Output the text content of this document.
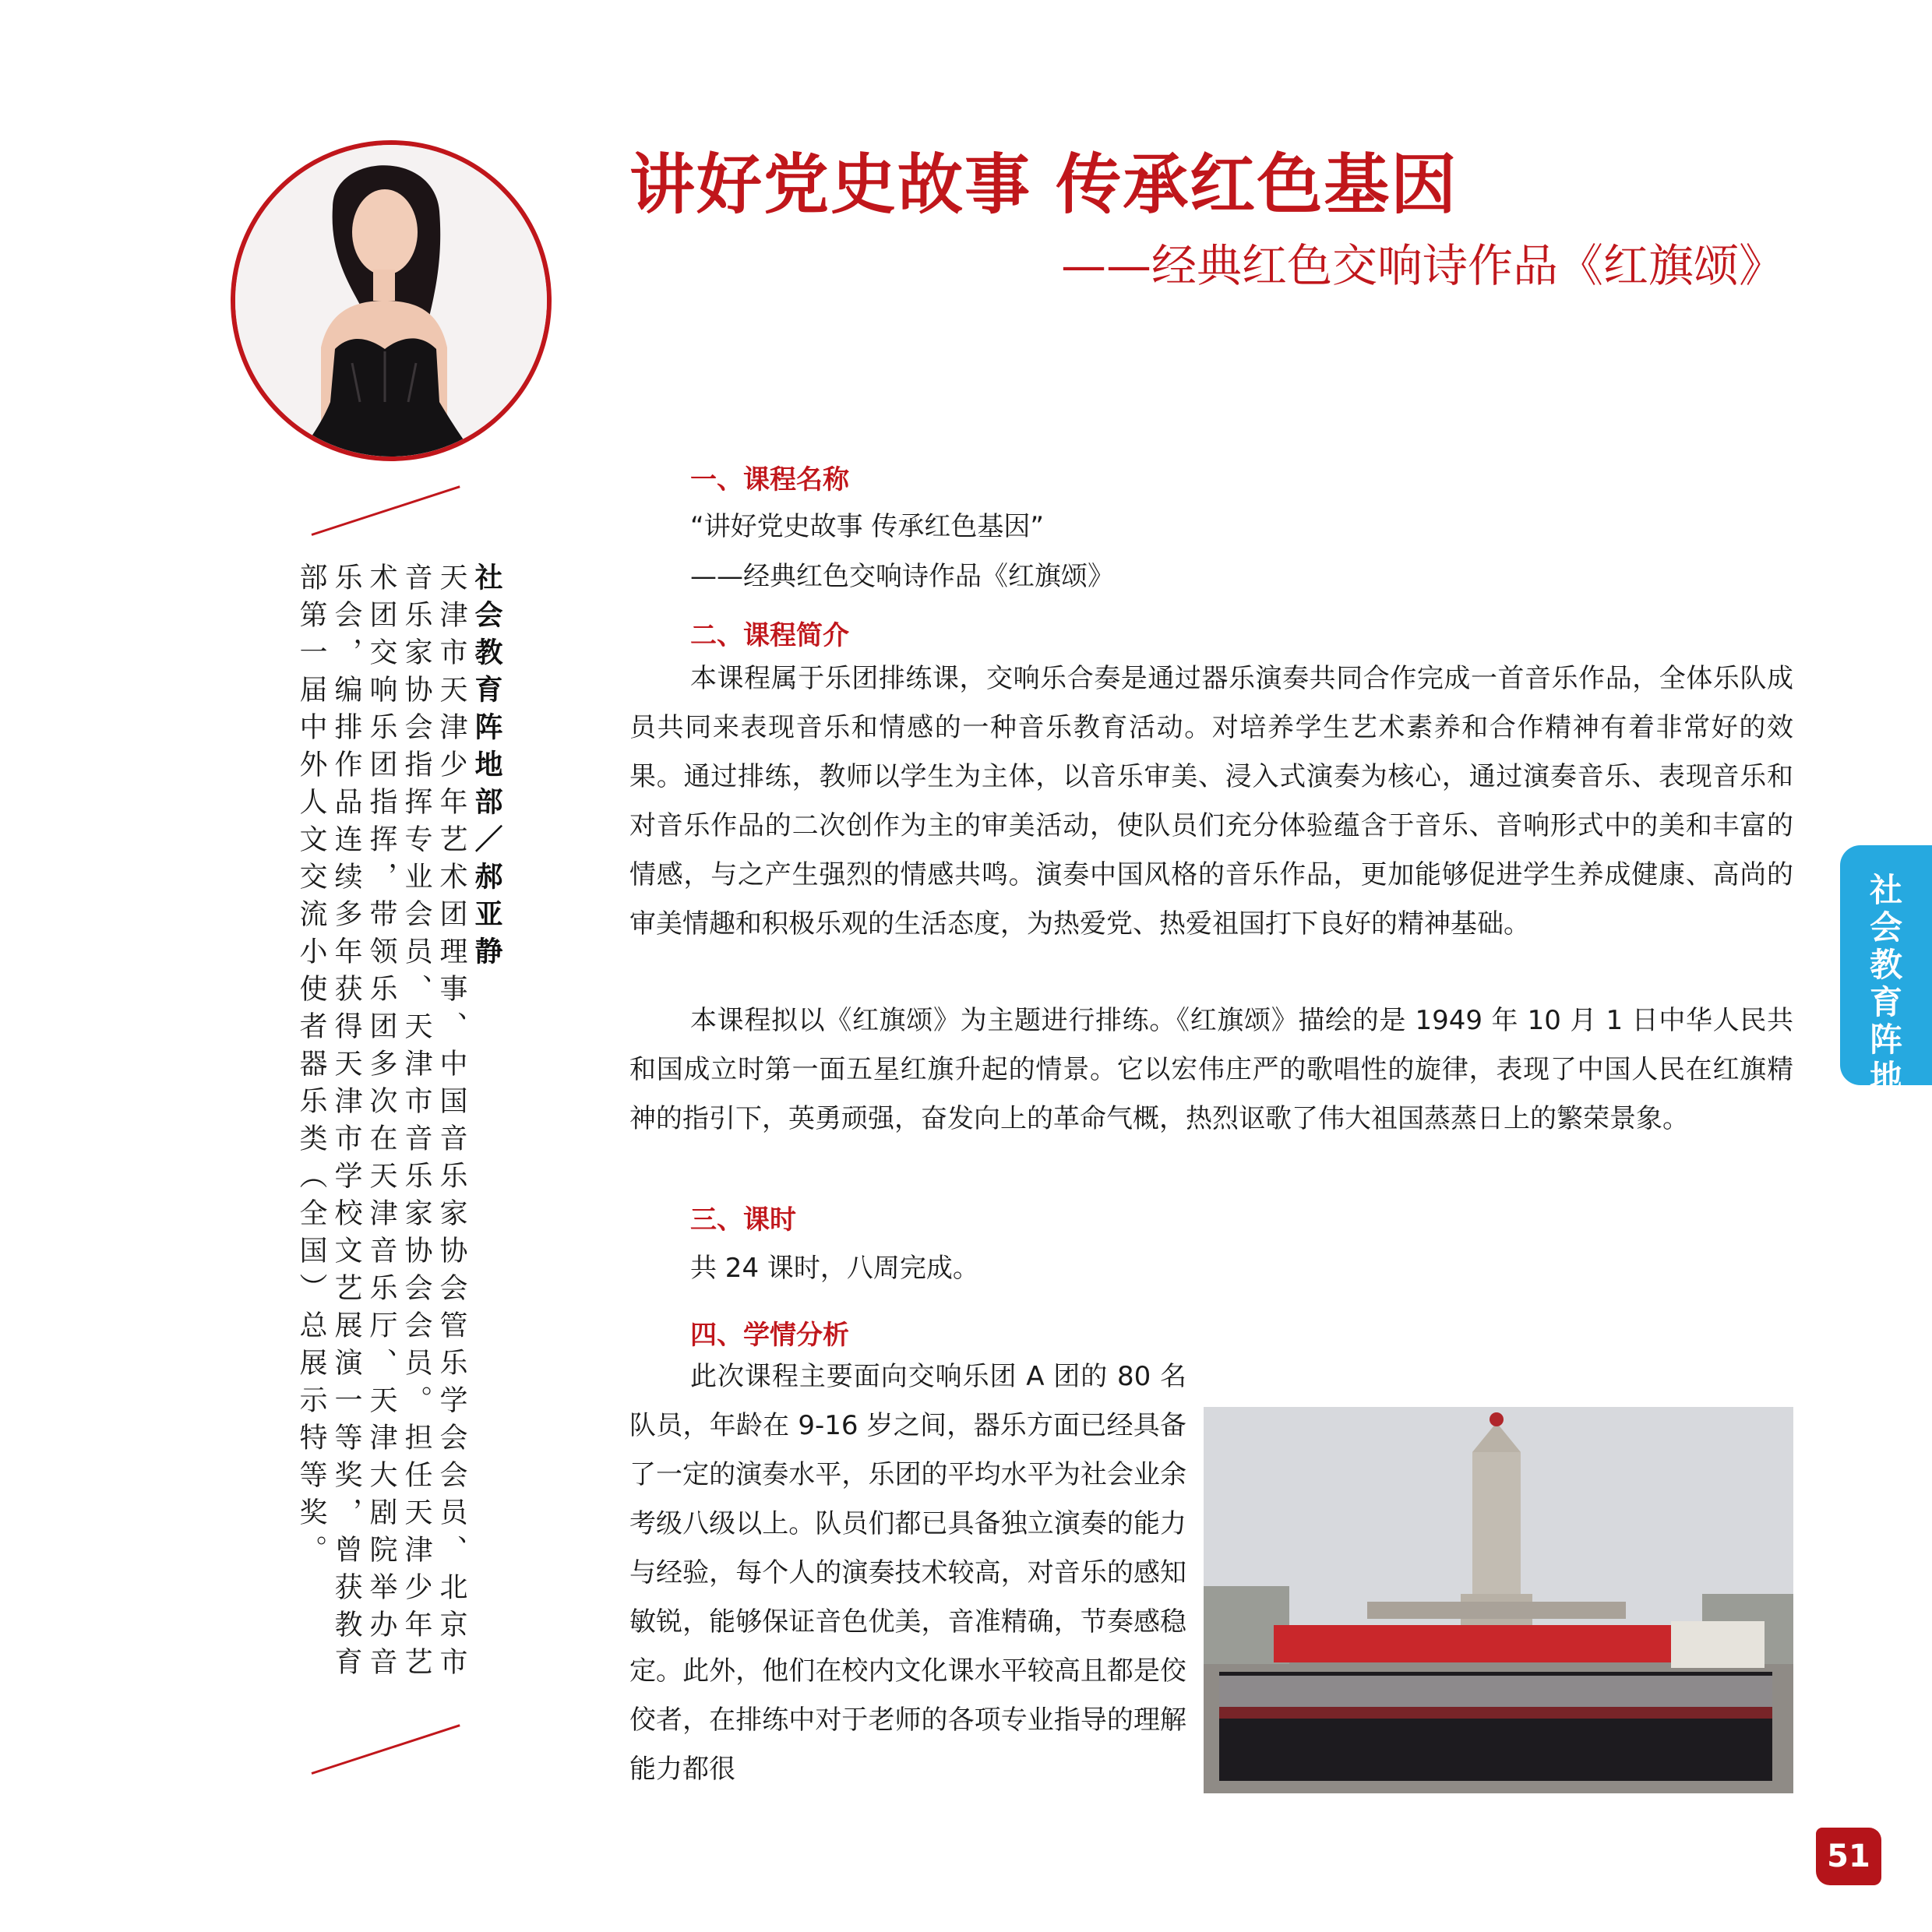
讲好党史故事 传承红色基因
——经典红色交响诗作品《红旗颂》
社会教育阵地部／郝亚静
天津市天津少年艺术团理事、中国音乐家协会管乐学会会员、北京市
音乐家协会指挥专业会员、天津市音乐家协会会员。担任天津少年艺
术团交响乐团指挥，带领乐团多次在天津音乐厅、天津大剧院举办音
乐会，编排作品连续多年获得天津市学校文艺展演一等奖，曾获教育
部第一届中外人文交流小使者器乐类（全国）总展示特等奖。
一、课程名称
“讲好党史故事 传承红色基因”
——经典红色交响诗作品《红旗颂》
二、课程简介

本课程属于乐团排练课，交响乐合奏是通过器乐演奏共同合作完成一首音乐作品，全体乐队成员共同来表现音乐和情感的一种音乐教育活动。对培养学生艺术素养和合作精神有着非常好的效果。通过排练，教师以学生为主体，以音乐审美、浸入式演奏为核心，通过演奏音乐、表现音乐和对音乐作品的二次创作为主的审美活动，使队员们充分体验蕴含于音乐、音响形式中的美和丰富的情感，与之产生强烈的情感共鸣。演奏中国风格的音乐作品，更加能够促进学生养成健康、高尚的审美情趣和积极乐观的生活态度，为热爱党、热爱祖国打下良好的精神基础。

本课程拟以《红旗颂》为主题进行排练。《红旗颂》描绘的是 1949 年 10 月 1 日中华人民共和国成立时第一面五星红旗升起的情景。它以宏伟庄严的歌唱性的旋律，表现了中国人民在红旗精神的指引下，英勇顽强，奋发向上的革命气概，热烈讴歌了伟大祖国蒸蒸日上的繁荣景象。

三、课时
共 24 课时，八周完成。
四、学情分析

此次课程主要面向交响乐团 A 团的 80 名队员，年龄在 9-16 岁之间，器乐方面已经具备了一定的演奏水平，乐团的平均水平为社会业余考级八级以上。队员们都已具备独立演奏的能力与经验，每个人的演奏技术较高，对音乐的感知敏锐，能够保证音色优美，音准精确，节奏感稳定。此外，他们在校内文化课水平较高且都是佼佼者，在排练中对于老师的各项专业指导的理解能力都很

社会教育阵地
51
